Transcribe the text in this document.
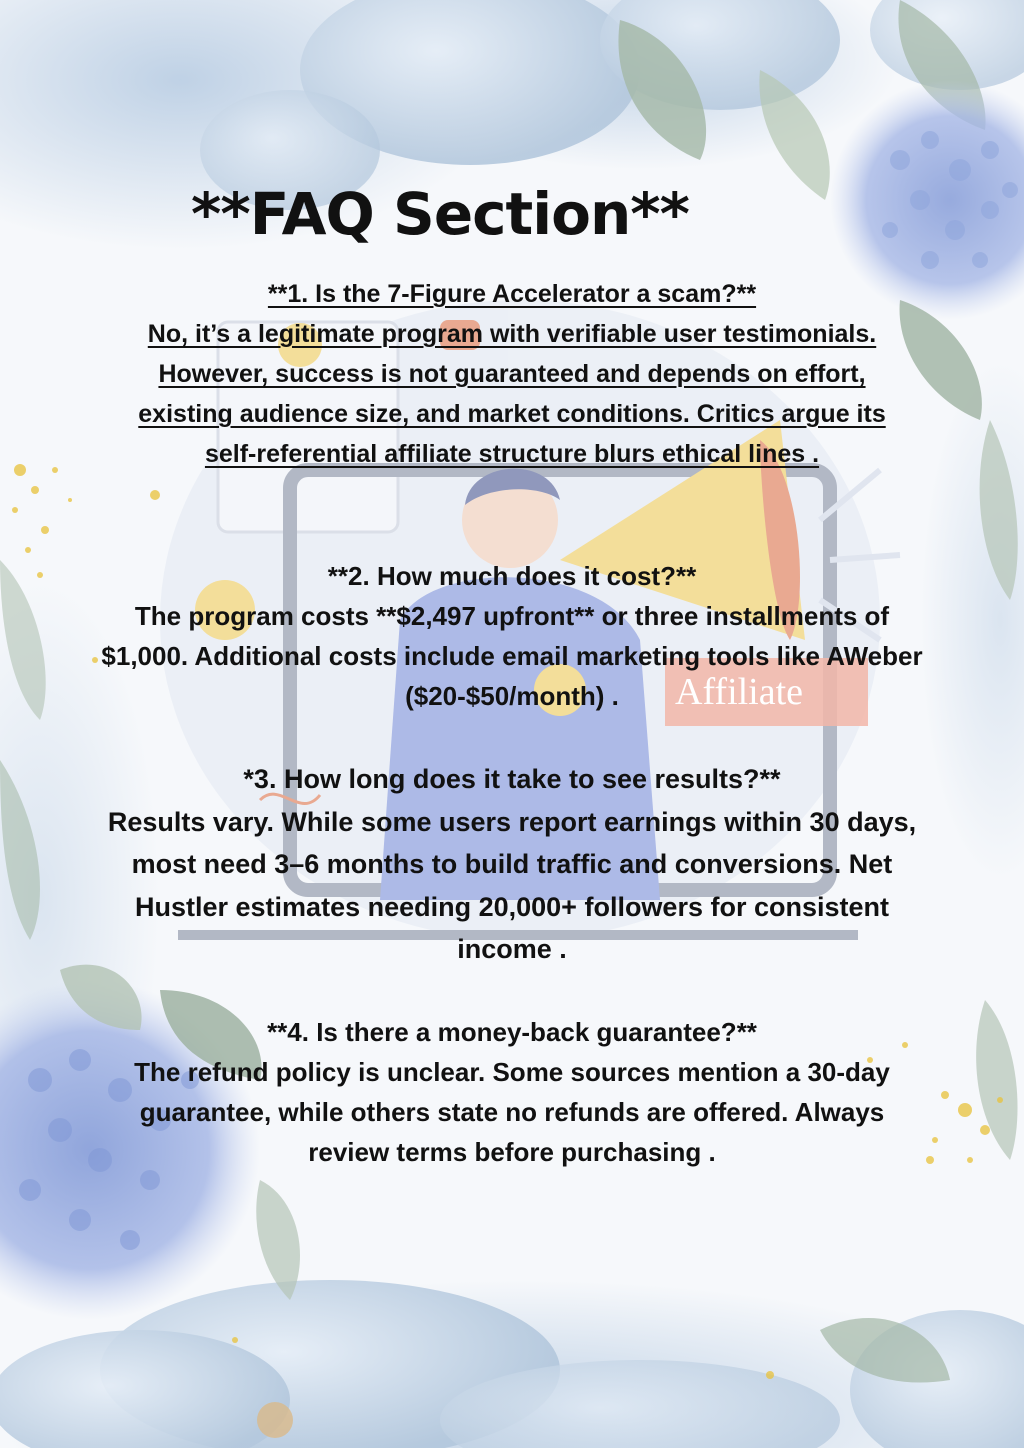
Affiliate
**FAQ Section**

**1. Is the 7-Figure Accelerator a scam?**

No, it’s a legitimate program with verifiable user testimonials. However, success is not guaranteed and depends on effort, existing audience size, and market conditions. Critics argue its self-referential affiliate structure blurs ethical lines .

**2. How much does it cost?**

The program costs **$2,497 upfront** or three installments of $1,000. Additional costs include email marketing tools like AWeber ($20-$50/month) .

*3. How long does it take to see results?**

Results vary. While some users report earnings within 30 days, most need 3–6 months to build traffic and conversions. Net Hustler estimates needing 20,000+ followers for consistent income .

**4. Is there a money-back guarantee?**

The refund policy is unclear. Some sources mention a 30-day guarantee, while others state no refunds are offered. Always review terms before purchasing .
